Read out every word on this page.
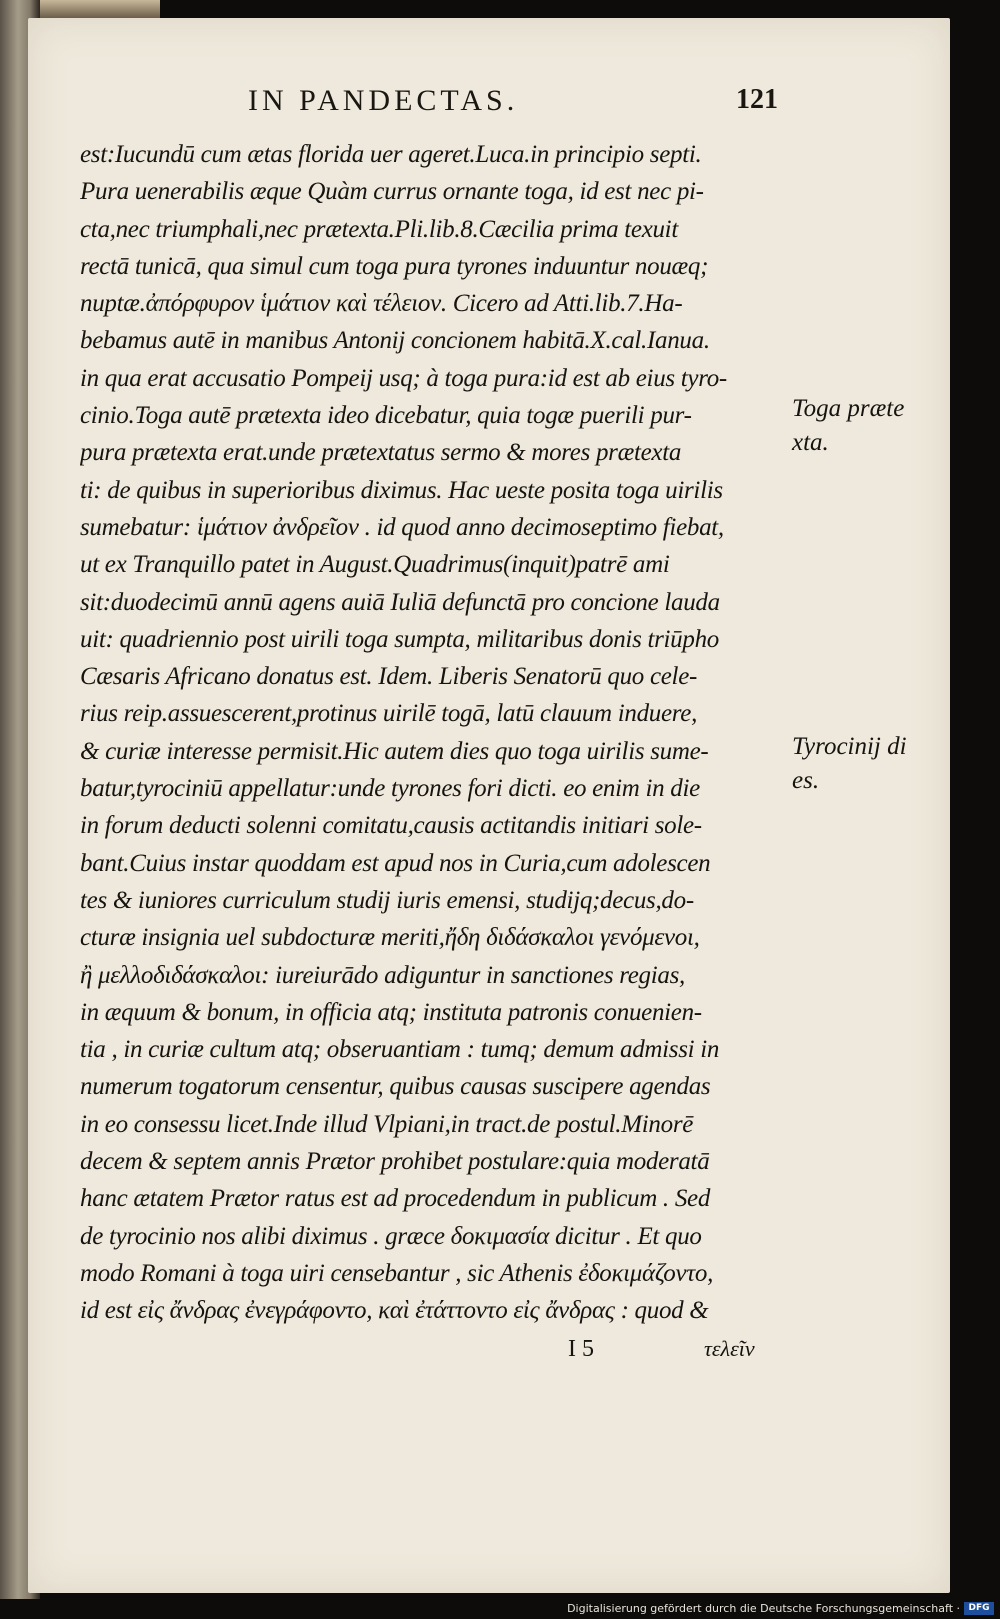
IN PANDECTAS.	121
est:Iucundū cum ætas florida uer ageret.Luca.in principio septi.
Pura uenerabilis æque Quàm currus ornante toga, id est nec pi-
cta,nec triumphali,nec prætexta.Pli.lib.8.Cæcilia prima texuit
rectā tunicā, qua simul cum toga pura tyrones induuntur nouæq;
nuptæ.ἀπόρφυρον ἱμάτιον καὶ τέλειον. Cicero ad Atti.lib.7.Ha-
bebamus autē in manibus Antonij concionem habitā.X.cal.Ianua.
in qua erat accusatio Pompeij usq; à toga pura:id est ab eius tyro-
cinio.Toga autē prætexta ideo dicebatur, quia togæ puerili pur-
pura prætexta erat.unde prætextatus sermo & mores prætexta
ti: de quibus in superioribus diximus. Hac ueste posita toga uirilis
sumebatur: ἱμάτιον ἀνδρεῖον . id quod anno decimoseptimo fiebat,
ut ex Tranquillo patet in August.Quadrimus(inquit)patrē ami
sit:duodecimū annū agens auiā Iuliā defunctā pro concione lauda
uit: quadriennio post uirili toga sumpta, militaribus donis triūpho
Cæsaris Africano donatus est. Idem. Liberis Senatorū quo cele-
rius reip.assuescerent,protinus uirilē togā, latū clauum induere,
& curiæ interesse permisit.Hic autem dies quo toga uirilis sume-
batur,tyrociniū appellatur:unde tyrones fori dicti. eo enim in die
in forum deducti solenni comitatu,causis actitandis initiari sole-
bant.Cuius instar quoddam est apud nos in Curia,cum adolescen
tes & iuniores curriculum studij iuris emensi, studijq;decus,do-
cturæ insignia uel subdocturæ meriti,ἤδη διδάσκαλοι γενόμενοι,
ἢ μελλοδιδάσκαλοι: iureiurādo adiguntur in sanctiones regias,
in æquum & bonum, in officia atq; instituta patronis conuenien-
tia , in curiæ cultum atq; obseruantiam : tumq; demum admissi in
numerum togatorum censentur, quibus causas suscipere agendas
in eo consessu licet.Inde illud Vlpiani,in tract.de postul.Minorē
decem & septem annis Prætor prohibet postulare:quia moderatā
hanc ætatem Prætor ratus est ad procedendum in publicum . Sed
de tyrocinio nos alibi diximus . græce δοκιμασία dicitur . Et quo
modo Romani à toga uiri censebantur , sic Athenis ἐδοκιμάζοντο,
id est εἰς ἄνδρας ἐνεγράφοντο, καὶ ἐτάττοντο εἰς ἄνδρας : quod &
Toga præte
xta.
Tyrocinij di
es.
I 5	τελεῖν
Digitalisierung gefördert durch die Deutsche Forschungsgemeinschaft · DFG
